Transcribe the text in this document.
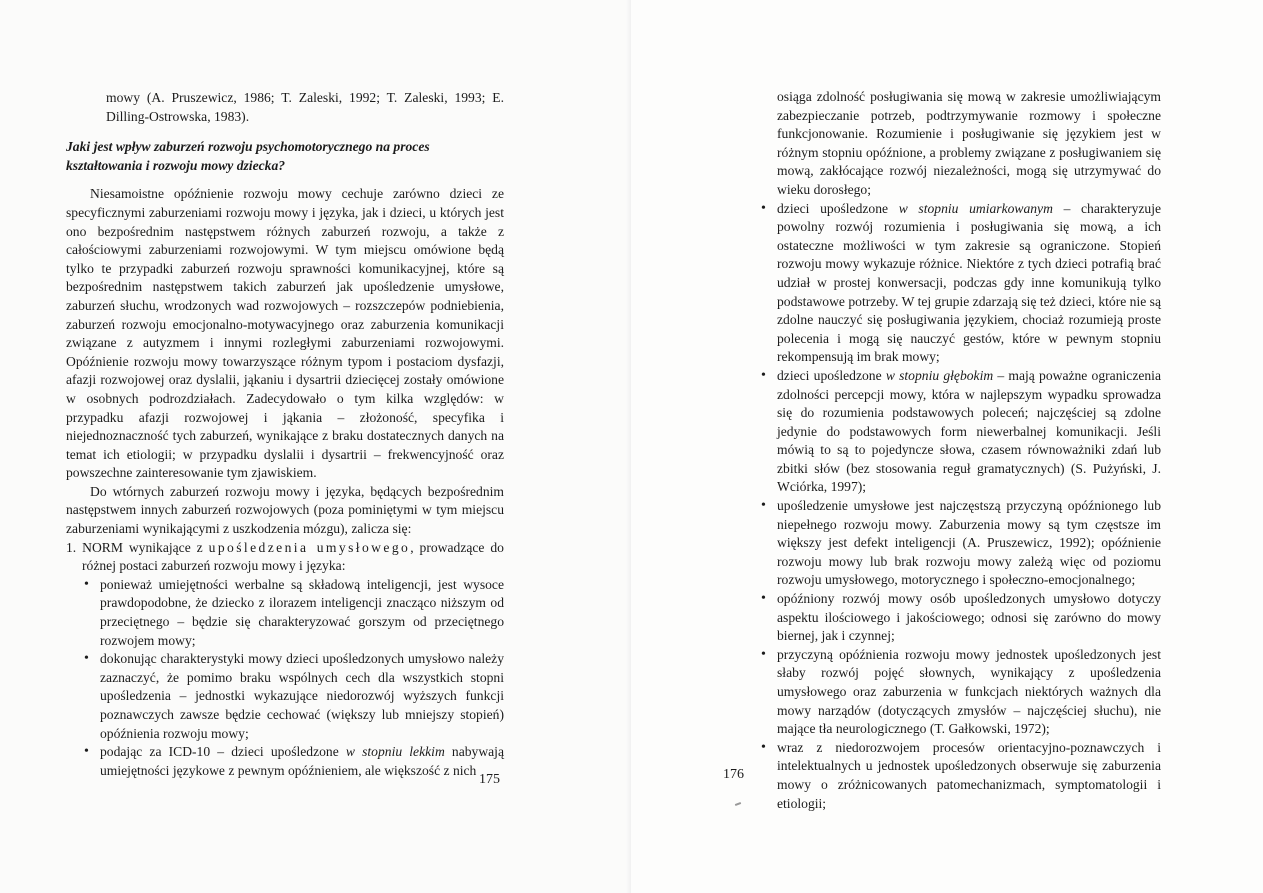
mowy (A. Pruszewicz, 1986; T. Zaleski, 1992; T. Zaleski, 1993; E. Dilling-Ostrowska, 1983).

Jaki jest wpływ zaburzeń rozwoju psychomotorycznego na proces kształtowania i rozwoju mowy dziecka?

Niesamoistne opóźnienie rozwoju mowy cechuje zarówno dzieci ze specyficznymi zaburzeniami rozwoju mowy i języka, jak i dzieci, u których jest ono bezpośrednim następstwem różnych zaburzeń rozwoju, a także z całościowymi zaburzeniami rozwojowymi. W tym miejscu omówione będą tylko te przypadki zaburzeń rozwoju sprawności komunikacyjnej, które są bezpośrednim następstwem takich zaburzeń jak upośledzenie umysłowe, zaburzeń słuchu, wrodzonych wad rozwojowych – rozszczepów podniebienia, zaburzeń rozwoju emocjonalno-motywacyjnego oraz zaburzenia komunikacji związane z autyzmem i innymi rozległymi zaburzeniami rozwojowymi. Opóźnienie rozwoju mowy towarzyszące różnym typom i postaciom dysfazji, afazji rozwojowej oraz dyslalii, jąkaniu i dysartrii dziecięcej zostały omówione w osobnych podrozdziałach. Zadecydowało o tym kilka względów: w przypadku afazji rozwojowej i jąkania – złożoność, specyfika i niejednoznaczność tych zaburzeń, wynikające z braku dostatecznych danych na temat ich etiologii; w przypadku dyslalii i dysartrii – frekwencyjność oraz powszechne zainteresowanie tym zjawiskiem.

Do wtórnych zaburzeń rozwoju mowy i języka, będących bezpośrednim następstwem innych zaburzeń rozwojowych (poza pominiętymi w tym miejscu zaburzeniami wynikającymi z uszkodzenia mózgu), zalicza się:

1. NORM wynikające z upośledzenia umysłowego, prowadzące do różnej postaci zaburzeń rozwoju mowy i języka:

• ponieważ umiejętności werbalne są składową inteligencji, jest wysoce prawdopodobne, że dziecko z ilorazem inteligencji znacząco niższym od przeciętnego – będzie się charakteryzować gorszym od przeciętnego rozwojem mowy;
• dokonując charakterystyki mowy dzieci upośledzonych umysłowo należy zaznaczyć, że pomimo braku wspólnych cech dla wszystkich stopni upośledzenia – jednostki wykazujące niedorozwój wyższych funkcji poznawczych zawsze będzie cechować (większy lub mniejszy stopień) opóźnienia rozwoju mowy;
• podając za ICD-10 – dzieci upośledzone w stopniu lekkim nabywają umiejętności językowe z pewnym opóźnieniem, ale większość z nich
175

osiąga zdolność posługiwania się mową w zakresie umożliwiającym zabezpieczanie potrzeb, podtrzymywanie rozmowy i społeczne funkcjonowanie. Rozumienie i posługiwanie się językiem jest w różnym stopniu opóźnione, a problemy związane z posługiwaniem się mową, zakłócające rozwój niezależności, mogą się utrzymywać do wieku dorosłego;

• dzieci upośledzone w stopniu umiarkowanym – charakteryzuje powolny rozwój rozumienia i posługiwania się mową, a ich ostateczne możliwości w tym zakresie są ograniczone. Stopień rozwoju mowy wykazuje różnice. Niektóre z tych dzieci potrafią brać udział w prostej konwersacji, podczas gdy inne komunikują tylko podstawowe potrzeby. W tej grupie zdarzają się też dzieci, które nie są zdolne nauczyć się posługiwania językiem, chociaż rozumieją proste polecenia i mogą się nauczyć gestów, które w pewnym stopniu rekompensują im brak mowy;
• dzieci upośledzone w stopniu głębokim – mają poważne ograniczenia zdolności percepcji mowy, która w najlepszym wypadku sprowadza się do rozumienia podstawowych poleceń; najczęściej są zdolne jedynie do podstawowych form niewerbalnej komunikacji. Jeśli mówią to są to pojedyncze słowa, czasem równoważniki zdań lub zbitki słów (bez stosowania reguł gramatycznych) (S. Pużyński, J. Wciórka, 1997);
• upośledzenie umysłowe jest najczęstszą przyczyną opóźnionego lub niepełnego rozwoju mowy. Zaburzenia mowy są tym częstsze im większy jest defekt inteligencji (A. Pruszewicz, 1992); opóźnienie rozwoju mowy lub brak rozwoju mowy zależą więc od poziomu rozwoju umysłowego, motorycznego i społeczno-emocjonalnego;
• opóźniony rozwój mowy osób upośledzonych umysłowo dotyczy aspektu ilościowego i jakościowego; odnosi się zarówno do mowy biernej, jak i czynnej;
• przyczyną opóźnienia rozwoju mowy jednostek upośledzonych jest słaby rozwój pojęć słownych, wynikający z upośledzenia umysłowego oraz zaburzenia w funkcjach niektórych ważnych dla mowy narządów (dotyczących zmysłów – najczęściej słuchu), nie mające tła neurologicznego (T. Gałkowski, 1972);
• wraz z niedorozwojem procesów orientacyjno-poznawczych i intelektualnych u jednostek upośledzonych obserwuje się zaburzenia mowy o zróżnicowanych patomechanizmach, symptomatologii i etiologii;
176
